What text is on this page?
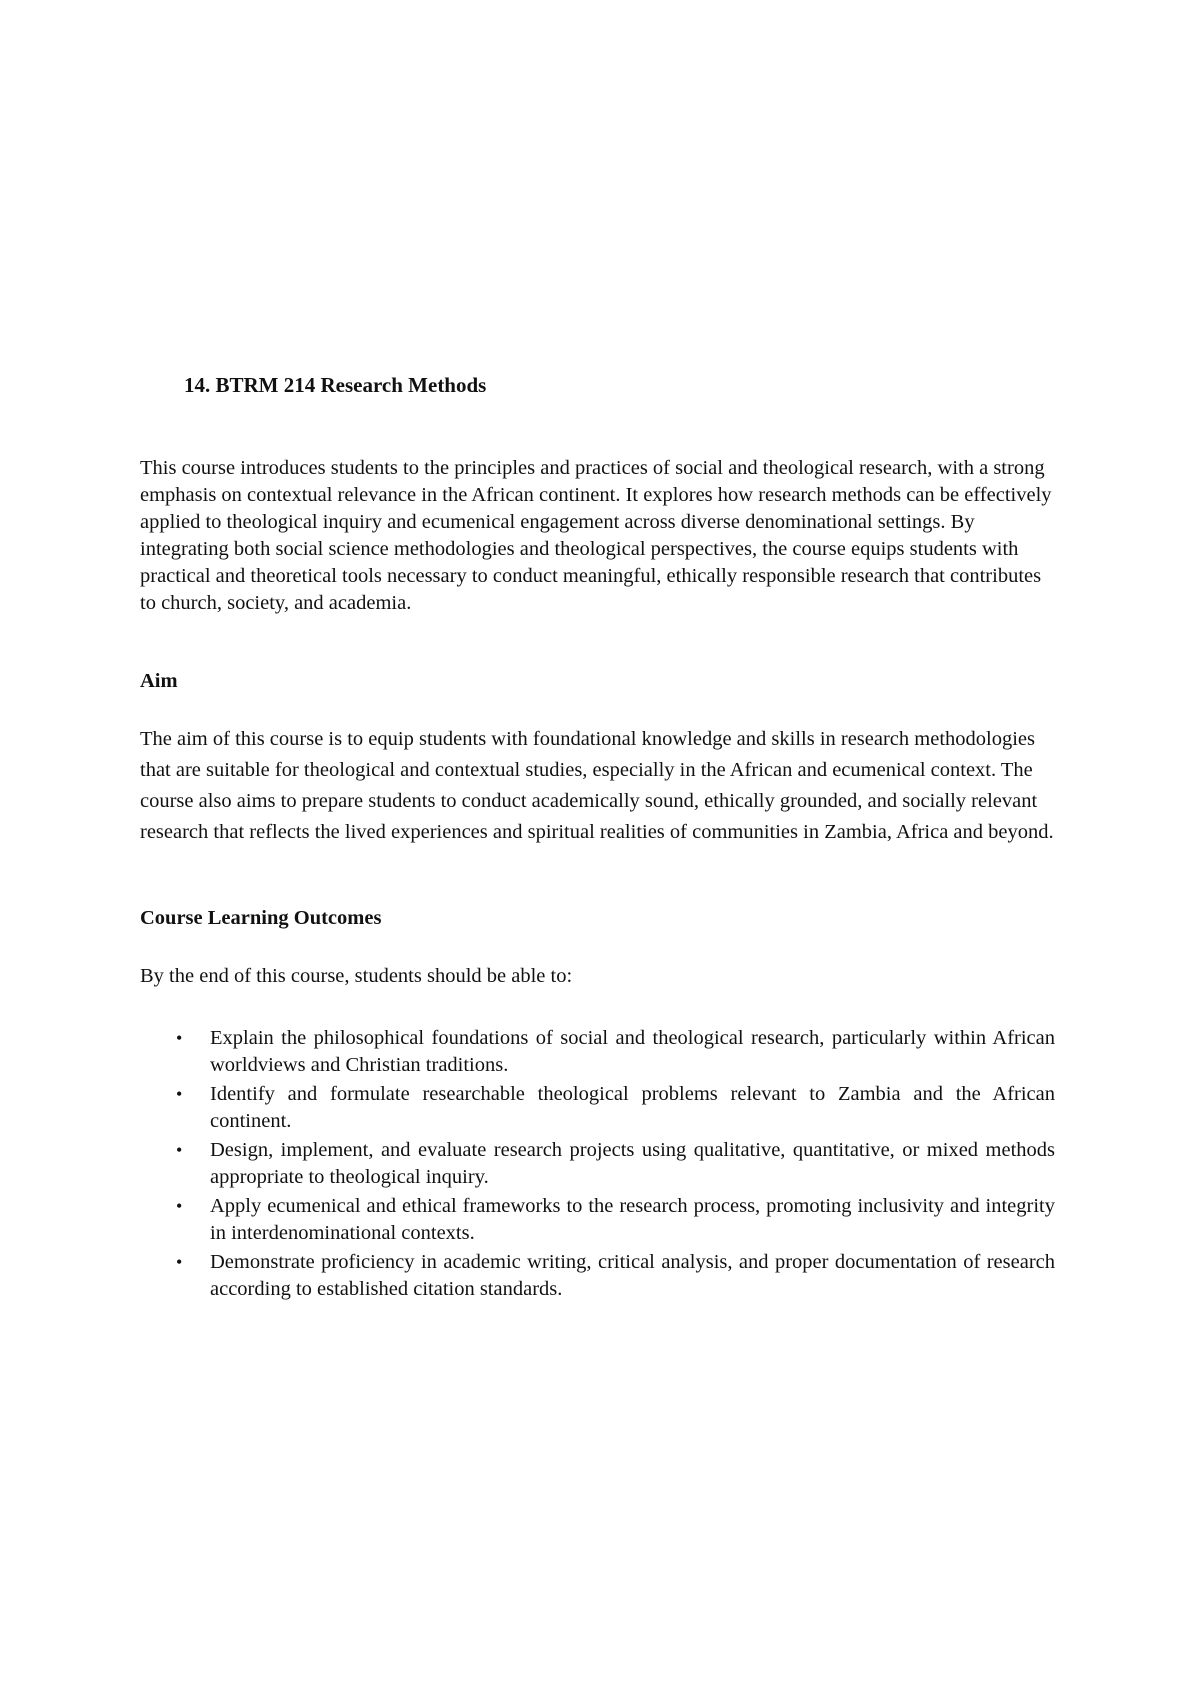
14. BTRM 214 Research Methods

This course introduces students to the principles and practices of social and theological research, with a strong emphasis on contextual relevance in the African continent. It explores how research methods can be effectively applied to theological inquiry and ecumenical engagement across diverse denominational settings. By integrating both social science methodologies and theological perspectives, the course equips students with practical and theoretical tools necessary to conduct meaningful, ethically responsible research that contributes to church, society, and academia.

Aim

The aim of this course is to equip students with foundational knowledge and skills in research methodologies that are suitable for theological and contextual studies, especially in the African and ecumenical context. The course also aims to prepare students to conduct academically sound, ethically grounded, and socially relevant research that reflects the lived experiences and spiritual realities of communities in Zambia, Africa and beyond.

Course Learning Outcomes

By the end of this course, students should be able to:

• Explain the philosophical foundations of social and theological research, particularly within African worldviews and Christian traditions.
• Identify and formulate researchable theological problems relevant to Zambia and the African continent.
• Design, implement, and evaluate research projects using qualitative, quantitative, or mixed methods appropriate to theological inquiry.
• Apply ecumenical and ethical frameworks to the research process, promoting inclusivity and integrity in interdenominational contexts.
• Demonstrate proficiency in academic writing, critical analysis, and proper documentation of research according to established citation standards.
